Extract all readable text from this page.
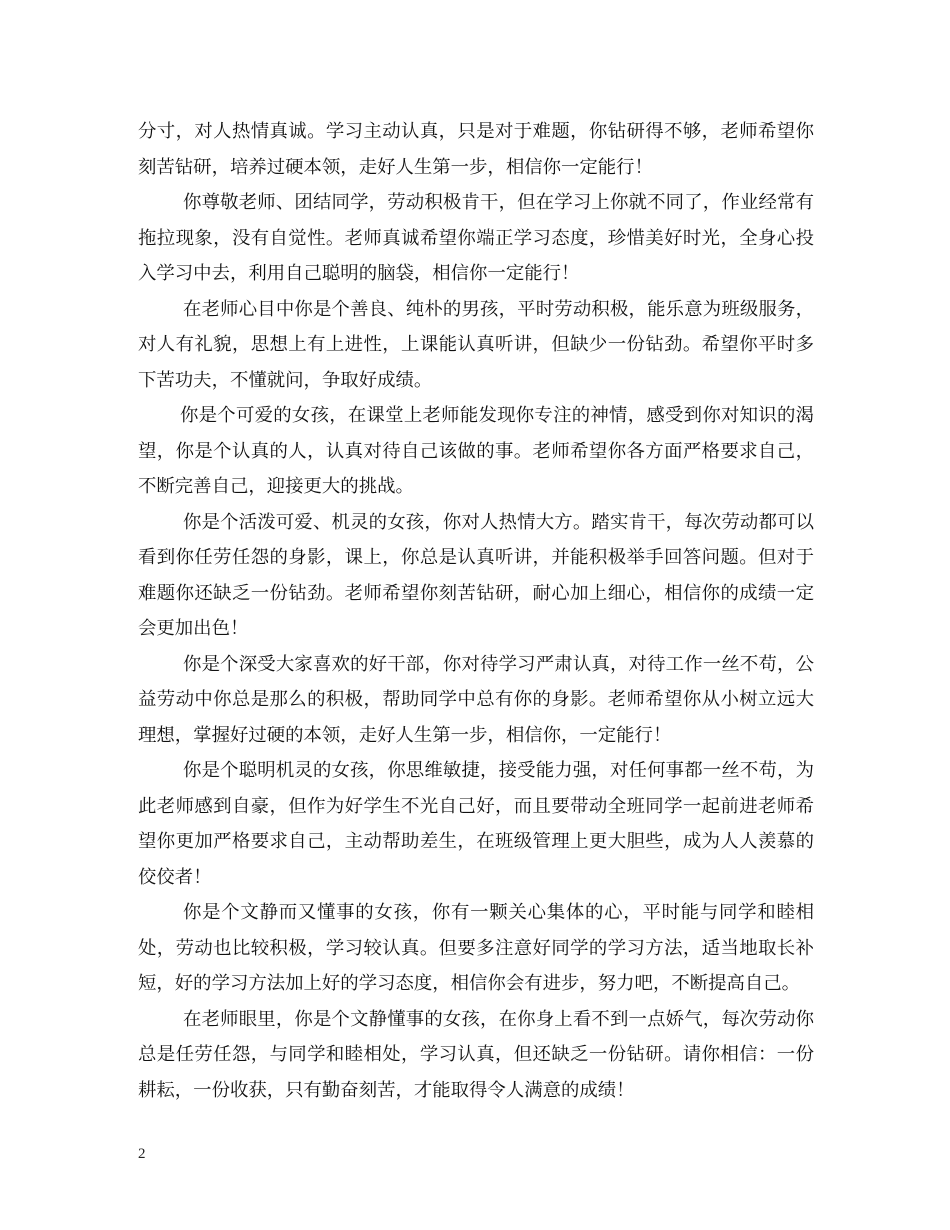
分寸，对人热情真诚。学习主动认真，只是对于难题，你钻研得不够，老师希望你刻苦钻研，培养过硬本领，走好人生第一步，相信你一定能行！

你尊敬老师、团结同学，劳动积极肯干，但在学习上你就不同了，作业经常有拖拉现象，没有自觉性。老师真诚希望你端正学习态度，珍惜美好时光，全身心投入学习中去，利用自己聪明的脑袋，相信你一定能行！

在老师心目中你是个善良、纯朴的男孩，平时劳动积极，能乐意为班级服务，对人有礼貌，思想上有上进性，上课能认真听讲，但缺少一份钻劲。希望你平时多下苦功夫，不懂就问，争取好成绩。

你是个可爱的女孩，在课堂上老师能发现你专注的神情，感受到你对知识的渴望，你是个认真的人，认真对待自己该做的事。老师希望你各方面严格要求自己，不断完善自己，迎接更大的挑战。

你是个活泼可爱、机灵的女孩，你对人热情大方。踏实肯干，每次劳动都可以看到你任劳任怨的身影，课上，你总是认真听讲，并能积极举手回答问题。但对于难题你还缺乏一份钻劲。老师希望你刻苦钻研，耐心加上细心，相信你的成绩一定会更加出色！

你是个深受大家喜欢的好干部，你对待学习严肃认真，对待工作一丝不苟，公益劳动中你总是那么的积极，帮助同学中总有你的身影。老师希望你从小树立远大理想，掌握好过硬的本领，走好人生第一步，相信你，一定能行！

你是个聪明机灵的女孩，你思维敏捷，接受能力强，对任何事都一丝不苟，为此老师感到自豪，但作为好学生不光自己好，而且要带动全班同学一起前进老师希望你更加严格要求自己，主动帮助差生，在班级管理上更大胆些，成为人人羡慕的佼佼者！

你是个文静而又懂事的女孩，你有一颗关心集体的心，平时能与同学和睦相处，劳动也比较积极，学习较认真。但要多注意好同学的学习方法，适当地取长补短，好的学习方法加上好的学习态度，相信你会有进步，努力吧，不断提高自己。

在老师眼里，你是个文静懂事的女孩，在你身上看不到一点娇气，每次劳动你总是任劳任怨，与同学和睦相处，学习认真，但还缺乏一份钻研。请你相信：一份耕耘，一份收获，只有勤奋刻苦，才能取得令人满意的成绩！

2
